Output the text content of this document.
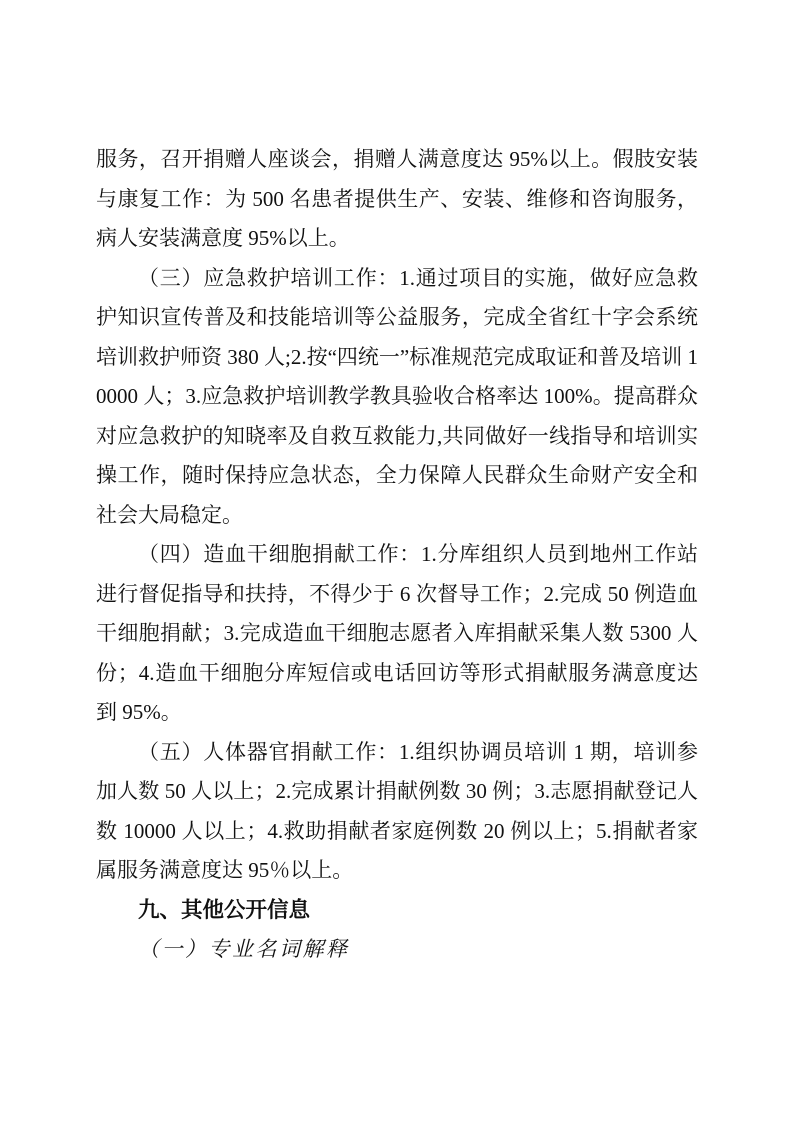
服务，召开捐赠人座谈会，捐赠人满意度达 95%以上。假肢安装与康复工作：为 500 名患者提供生产、安装、维修和咨询服务，病人安装满意度 95%以上。

（三）应急救护培训工作：1.通过项目的实施，做好应急救护知识宣传普及和技能培训等公益服务，完成全省红十字会系统培训救护师资 380 人;2.按“四统一”标准规范完成取证和普及培训 10000 人；3.应急救护培训教学教具验收合格率达 100%。提高群众对应急救护的知晓率及自救互救能力,共同做好一线指导和培训实操工作，随时保持应急状态，全力保障人民群众生命财产安全和社会大局稳定。

（四）造血干细胞捐献工作：1.分库组织人员到地州工作站进行督促指导和扶持，不得少于 6 次督导工作；2.完成 50 例造血干细胞捐献；3.完成造血干细胞志愿者入库捐献采集人数 5300 人份；4.造血干细胞分库短信或电话回访等形式捐献服务满意度达到 95%。

（五）人体器官捐献工作：1.组织协调员培训 1 期，培训参加人数 50 人以上；2.完成累计捐献例数 30 例；3.志愿捐献登记人数 10000 人以上；4.救助捐献者家庭例数 20 例以上；5.捐献者家属服务满意度达 95％以上。

九、其他公开信息
（一）专业名词解释
